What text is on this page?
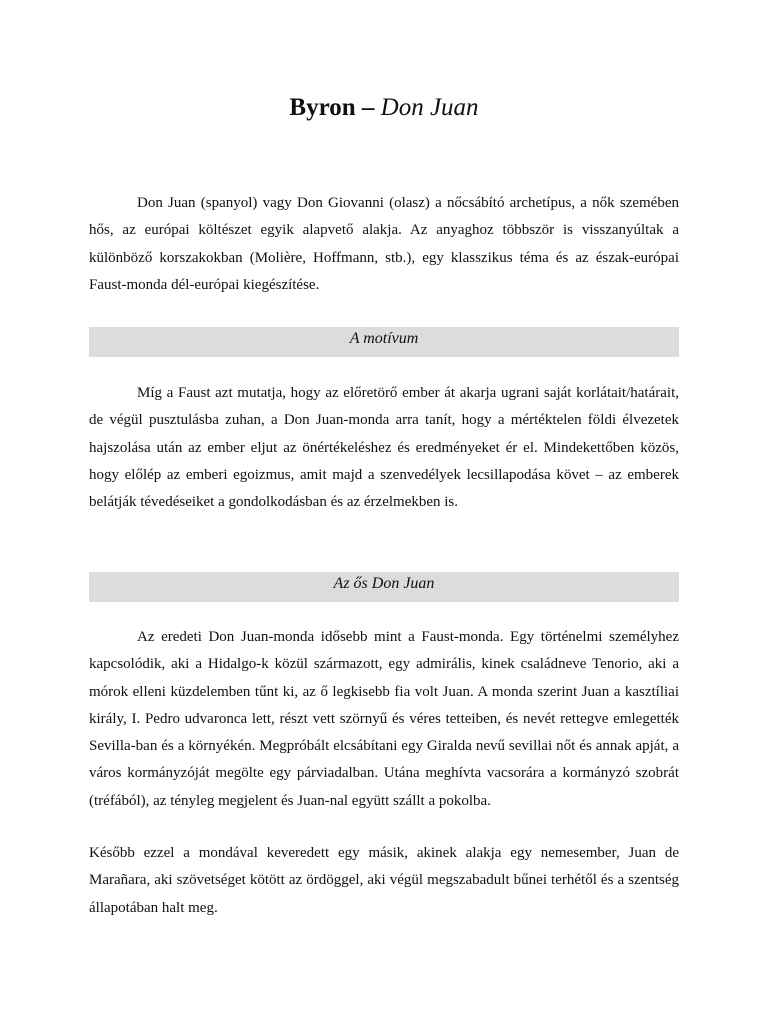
Byron – Don Juan

Don Juan (spanyol) vagy Don Giovanni (olasz) a nőcsábító archetípus, a nők szemében hős, az európai költészet egyik alapvető alakja. Az anyaghoz többször is visszanyúltak a különböző korszakokban (Molière, Hoffmann, stb.), egy klasszikus téma és az észak-európai Faust-monda dél-európai kiegészítése.

A motívum

Míg a Faust azt mutatja, hogy az előretörő ember át akarja ugrani saját korlátait/határait, de végül pusztulásba zuhan, a Don Juan-monda arra tanít, hogy a mértéktelen földi élvezetek hajszolása után az ember eljut az önértékeléshez és eredményeket ér el. Mindekettőben közös, hogy előlép az emberi egoizmus, amit majd a szenvedélyek lecsillapodása követ – az emberek belátják tévedéseiket a gondolkodásban és az érzelmekben is.

Az ős Don Juan

Az eredeti Don Juan-monda idősebb mint a Faust-monda. Egy történelmi személyhez kapcsolódik, aki a Hidalgo-k közül származott, egy admirális, kinek családneve Tenorio, aki a mórok elleni küzdelemben tűnt ki, az ő legkisebb fia volt Juan. A monda szerint Juan a kasztíliai király, I. Pedro udvaronca lett, részt vett szörnyű és véres tetteiben, és nevét rettegve emlegették Sevilla-ban és a környékén. Megpróbált elcsábítani egy Giralda nevű sevillai nőt és annak apját, a város kormányzóját megölte egy párviadalban. Utána meghívta vacsorára a kormányzó szobrát (tréfából), az tényleg megjelent és Juan-nal együtt szállt a pokolba.

Később ezzel a mondával keveredett egy másik, akinek alakja egy nemesember, Juan de Marañara, aki szövetséget kötött az ördöggel, aki végül megszabadult bűnei terhétől és a szentség állapotában halt meg.
